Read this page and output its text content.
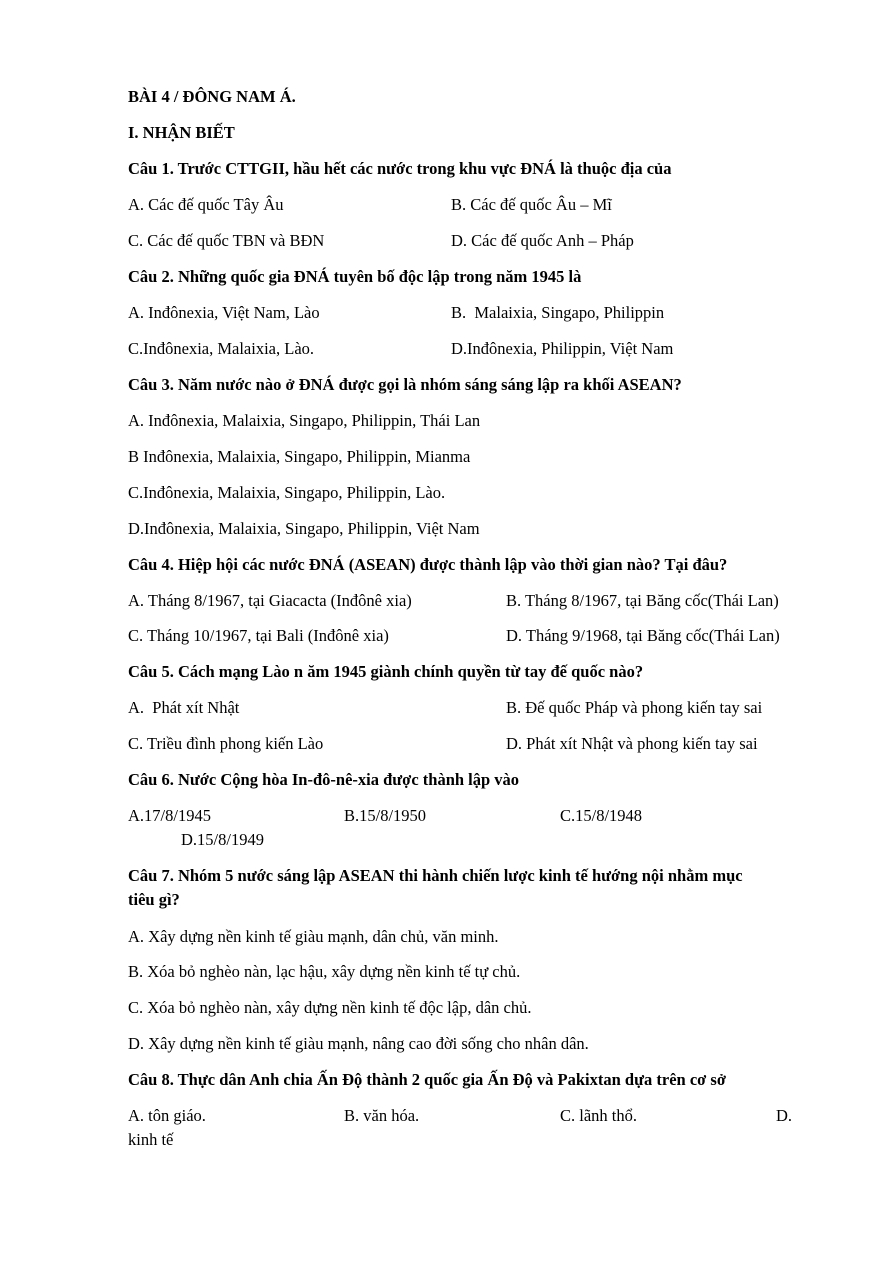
BÀI 4 / ĐÔNG NAM Á.
I. NHẬN BIẾT
Câu 1. Trước CTTGII, hầu hết các nước trong khu vực ĐNÁ là thuộc địa của
A. Các đế quốc Tây Âu	B. Các đế quốc Âu – Mĩ
C. Các đế quốc TBN và BĐN	D. Các đế quốc Anh – Pháp
Câu 2. Những quốc gia ĐNÁ tuyên bố độc lập trong năm 1945 là
A. Inđônexia, Việt Nam, Lào	B.  Malaixia, Singapo, Philippin
C.Inđônexia, Malaixia, Lào.	D.Inđônexia, Philippin, Việt Nam
Câu 3. Năm nước nào ở ĐNÁ được gọi là nhóm sáng sáng lập ra khối ASEAN?
A. Inđônexia, Malaixia, Singapo, Philippin, Thái Lan
B Inđônexia, Malaixia, Singapo, Philippin, Mianma
C.Inđônexia, Malaixia, Singapo, Philippin, Lào.
D.Inđônexia, Malaixia, Singapo, Philippin, Việt Nam
Câu 4. Hiệp hội các nước ĐNÁ (ASEAN) được thành lập vào thời gian nào? Tại đâu?
A. Tháng 8/1967, tại Giacacta (Inđônê xia)	B. Tháng 8/1967, tại Băng cốc(Thái Lan)
C. Tháng 10/1967, tại Bali (Inđônê xia)	D. Tháng 9/1968, tại Băng cốc(Thái Lan)
Câu 5. Cách mạng Lào n ăm 1945 giành chính quyền từ tay đế quốc nào?
A.  Phát xít Nhật	B. Đế quốc Pháp và phong kiến tay sai
C. Triều đình phong kiến Lào	D. Phát xít Nhật và phong kiến tay sai
Câu 6. Nước Cộng hòa In-đô-nê-xia được thành lập vào
A.17/8/1945	B.15/8/1950	C.15/8/1948
D.15/8/1949
Câu 7. Nhóm 5 nước sáng lập ASEAN thi hành chiến lược kinh tế hướng nội nhằm mục
tiêu gì?
A. Xây dựng nền kinh tế giàu mạnh, dân chủ, văn minh.
B. Xóa bỏ nghèo nàn, lạc hậu, xây dựng nền kinh tế tự chủ.
C. Xóa bỏ nghèo nàn, xây dựng nền kinh tế độc lập, dân chủ.
D. Xây dựng nền kinh tế giàu mạnh, nâng cao đời sống cho nhân dân.
Câu 8. Thực dân Anh chia Ấn Độ thành 2 quốc gia Ấn Độ và Pakixtan dựa trên cơ sở
A. tôn giáo.	B. văn hóa.	C. lãnh thổ.	D.
kinh tế
